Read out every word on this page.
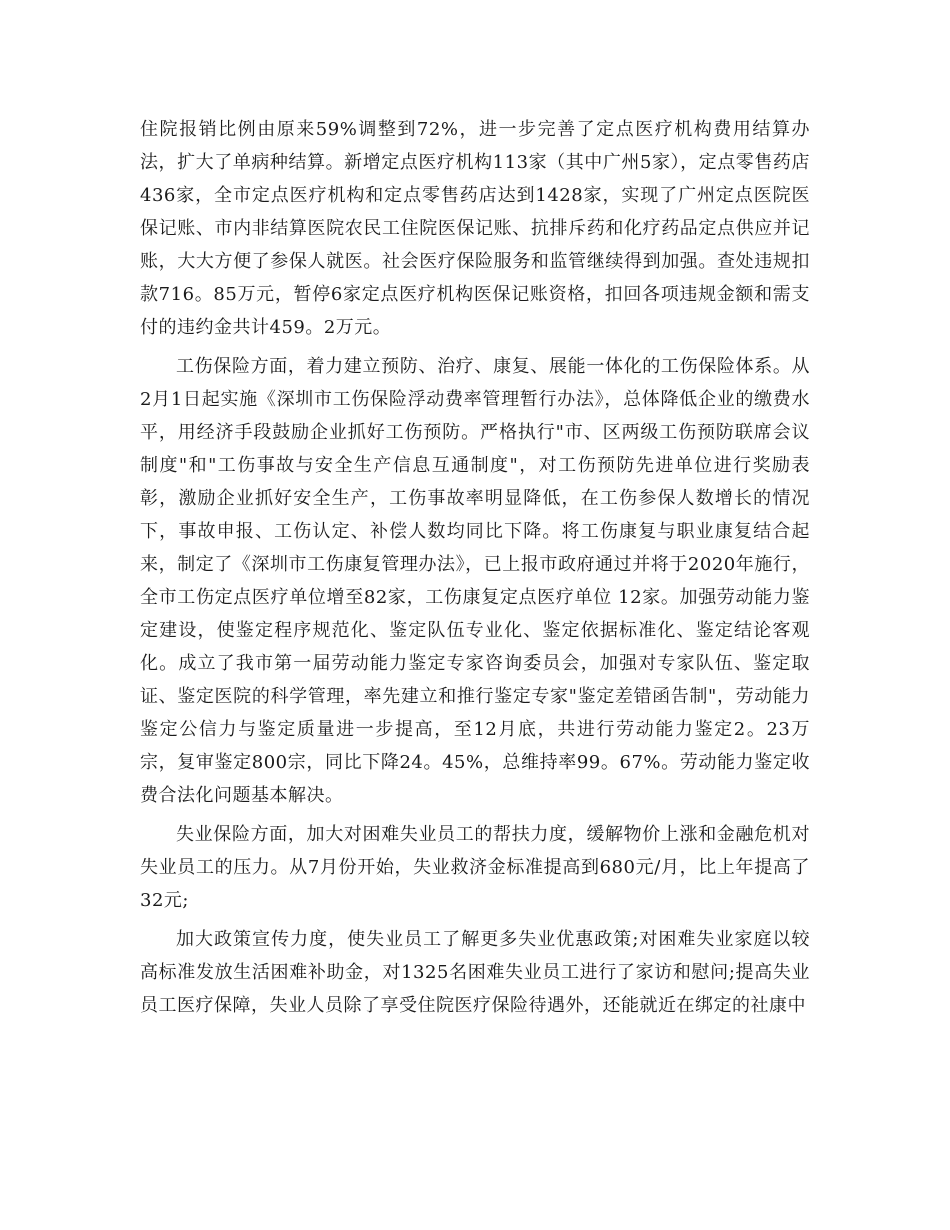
住院报销比例由原来59%调整到72%，进一步完善了定点医疗机构费用结算办法，扩大了单病种结算。新增定点医疗机构113家（其中广州5家），定点零售药店436家，全市定点医疗机构和定点零售药店达到1428家，实现了广州定点医院医保记账、市内非结算医院农民工住院医保记账、抗排斥药和化疗药品定点供应并记账，大大方便了参保人就医。社会医疗保险服务和监管继续得到加强。查处违规扣款716。85万元，暂停6家定点医疗机构医保记账资格，扣回各项违规金额和需支付的违约金共计459。2万元。

工伤保险方面，着力建立预防、治疗、康复、展能一体化的工伤保险体系。从2月1日起实施《深圳市工伤保险浮动费率管理暂行办法》，总体降低企业的缴费水平，用经济手段鼓励企业抓好工伤预防。严格执行"市、区两级工伤预防联席会议制度"和"工伤事故与安全生产信息互通制度"，对工伤预防先进单位进行奖励表彰，激励企业抓好安全生产，工伤事故率明显降低，在工伤参保人数增长的情况下，事故申报、工伤认定、补偿人数均同比下降。将工伤康复与职业康复结合起来，制定了《深圳市工伤康复管理办法》，已上报市政府通过并将于2020年施行，全市工伤定点医疗单位增至82家，工伤康复定点医疗单位 12家。加强劳动能力鉴定建设，使鉴定程序规范化、鉴定队伍专业化、鉴定依据标准化、鉴定结论客观化。成立了我市第一届劳动能力鉴定专家咨询委员会，加强对专家队伍、鉴定取证、鉴定医院的科学管理，率先建立和推行鉴定专家"鉴定差错函告制"，劳动能力鉴定公信力与鉴定质量进一步提高，至12月底，共进行劳动能力鉴定2。23万宗，复审鉴定800宗，同比下降24。45%，总维持率99。67%。劳动能力鉴定收费合法化问题基本解决。

失业保险方面，加大对困难失业员工的帮扶力度，缓解物价上涨和金融危机对失业员工的压力。从7月份开始，失业救济金标准提高到680元/月，比上年提高了32元;

加大政策宣传力度，使失业员工了解更多失业优惠政策;对困难失业家庭以较高标准发放生活困难补助金，对1325名困难失业员工进行了家访和慰问;提高失业员工医疗保障，失业人员除了享受住院医疗保险待遇外，还能就近在绑定的社康中
